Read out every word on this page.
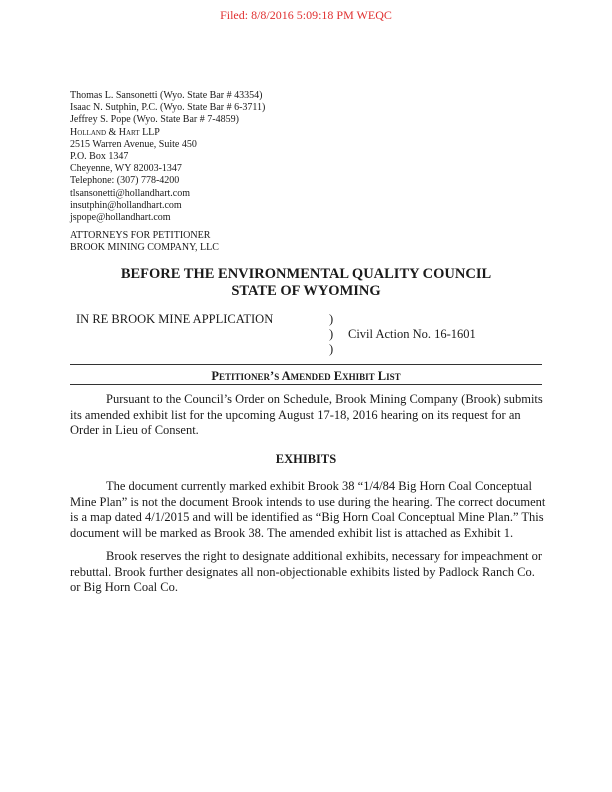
Filed: 8/8/2016 5:09:18 PM WEQC
Thomas L. Sansonetti (Wyo. State Bar # 43354)
Isaac N. Sutphin, P.C. (Wyo. State Bar # 6-3711)
Jeffrey S. Pope (Wyo. State Bar # 7-4859)
Holland & Hart LLP
2515 Warren Avenue, Suite 450
P.O. Box 1347
Cheyenne, WY 82003-1347
Telephone: (307) 778-4200
tlsansonetti@hollandhart.com
insutphin@hollandhart.com
jspope@hollandhart.com
ATTORNEYS FOR PETITIONER
BROOK MINING COMPANY, LLC
BEFORE THE ENVIRONMENTAL QUALITY COUNCIL
STATE OF WYOMING
IN RE BROOK MINE APPLICATION	)
)
)
Civil Action No. 16-1601
Petitioner’s Amended Exhibit List

Pursuant to the Council’s Order on Schedule, Brook Mining Company (Brook) submits its amended exhibit list for the upcoming August 17-18, 2016 hearing on its request for an Order in Lieu of Consent.

EXHIBITS

The document currently marked exhibit Brook 38 “1/4/84 Big Horn Coal Conceptual Mine Plan” is not the document Brook intends to use during the hearing. The correct document is a map dated 4/1/2015 and will be identified as “Big Horn Coal Conceptual Mine Plan.” This document will be marked as Brook 38. The amended exhibit list is attached as Exhibit 1.

Brook reserves the right to designate additional exhibits, necessary for impeachment or rebuttal. Brook further designates all non-objectionable exhibits listed by Padlock Ranch Co. or Big Horn Coal Co.
